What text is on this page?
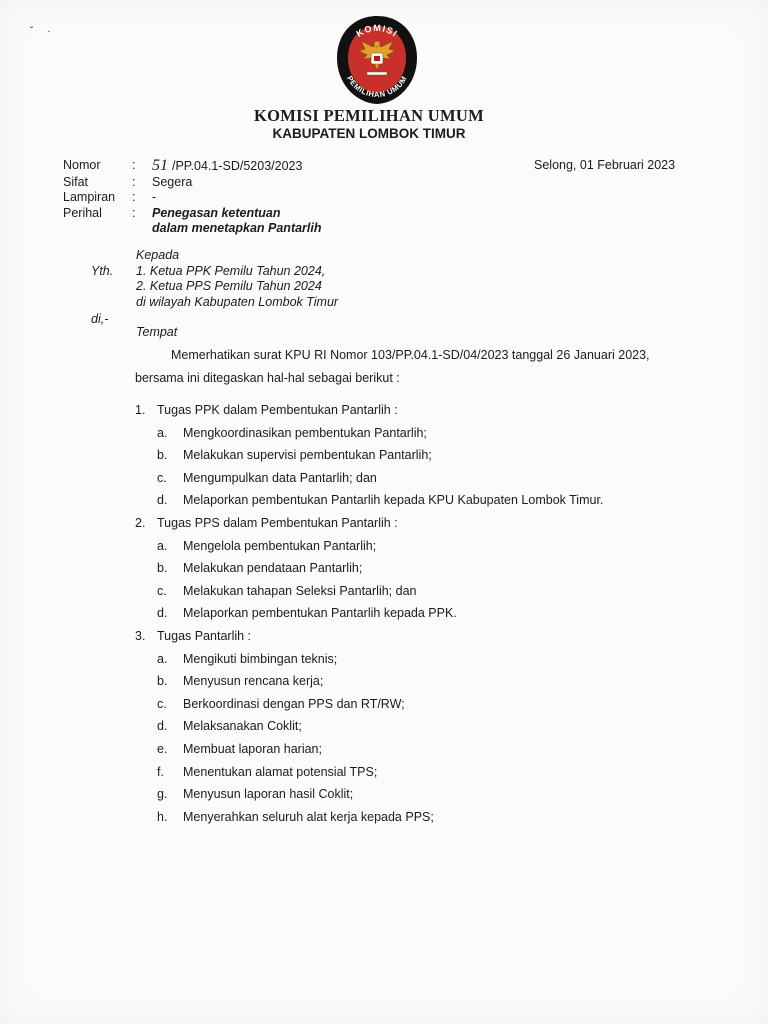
˘     ·	KOMISI
PEMILIHAN UMUM
KOMISI PEMILIHAN UMUM
KABUPATEN LOMBOK TIMUR
Nomor	:	51 /PP.04.1-SD/5203/2023
Sifat	:	Segera
Lampiran	:	-
Perihal	:	Penegasan ketentuan
dalam menetapkan Pantarlih
Selong, 01 Februari 2023

Yth.
Kepada
1. Ketua PPK Pemilu Tahun 2024,
2. Ketua PPS Pemilu Tahun 2024
di wilayah Kabupaten Lombok Timur
di,-
Tempat
Memerhatikan surat KPU RI Nomor 103/PP.04.1-SD/04/2023 tanggal 26 Januari 2023, bersama ini ditegaskan hal-hal sebagai berikut :
1. Tugas PPK dalam Pembentukan Pantarlih :
a. Mengkoordinasikan pembentukan Pantarlih;
b. Melakukan supervisi pembentukan Pantarlih;
c. Mengumpulkan data Pantarlih; dan
d. Melaporkan pembentukan Pantarlih kepada KPU Kabupaten Lombok Timur.
2. Tugas PPS dalam Pembentukan Pantarlih :
a. Mengelola pembentukan Pantarlih;
b. Melakukan pendataan Pantarlih;
c. Melakukan tahapan Seleksi Pantarlih; dan
d. Melaporkan pembentukan Pantarlih kepada PPK.
3. Tugas Pantarlih :
a. Mengikuti bimbingan teknis;
b. Menyusun rencana kerja;
c. Berkoordinasi dengan PPS dan RT/RW;
d. Melaksanakan Coklit;
e. Membuat laporan harian;
f. Menentukan alamat potensial TPS;
g. Menyusun laporan hasil Coklit;
h. Menyerahkan seluruh alat kerja kepada PPS;
